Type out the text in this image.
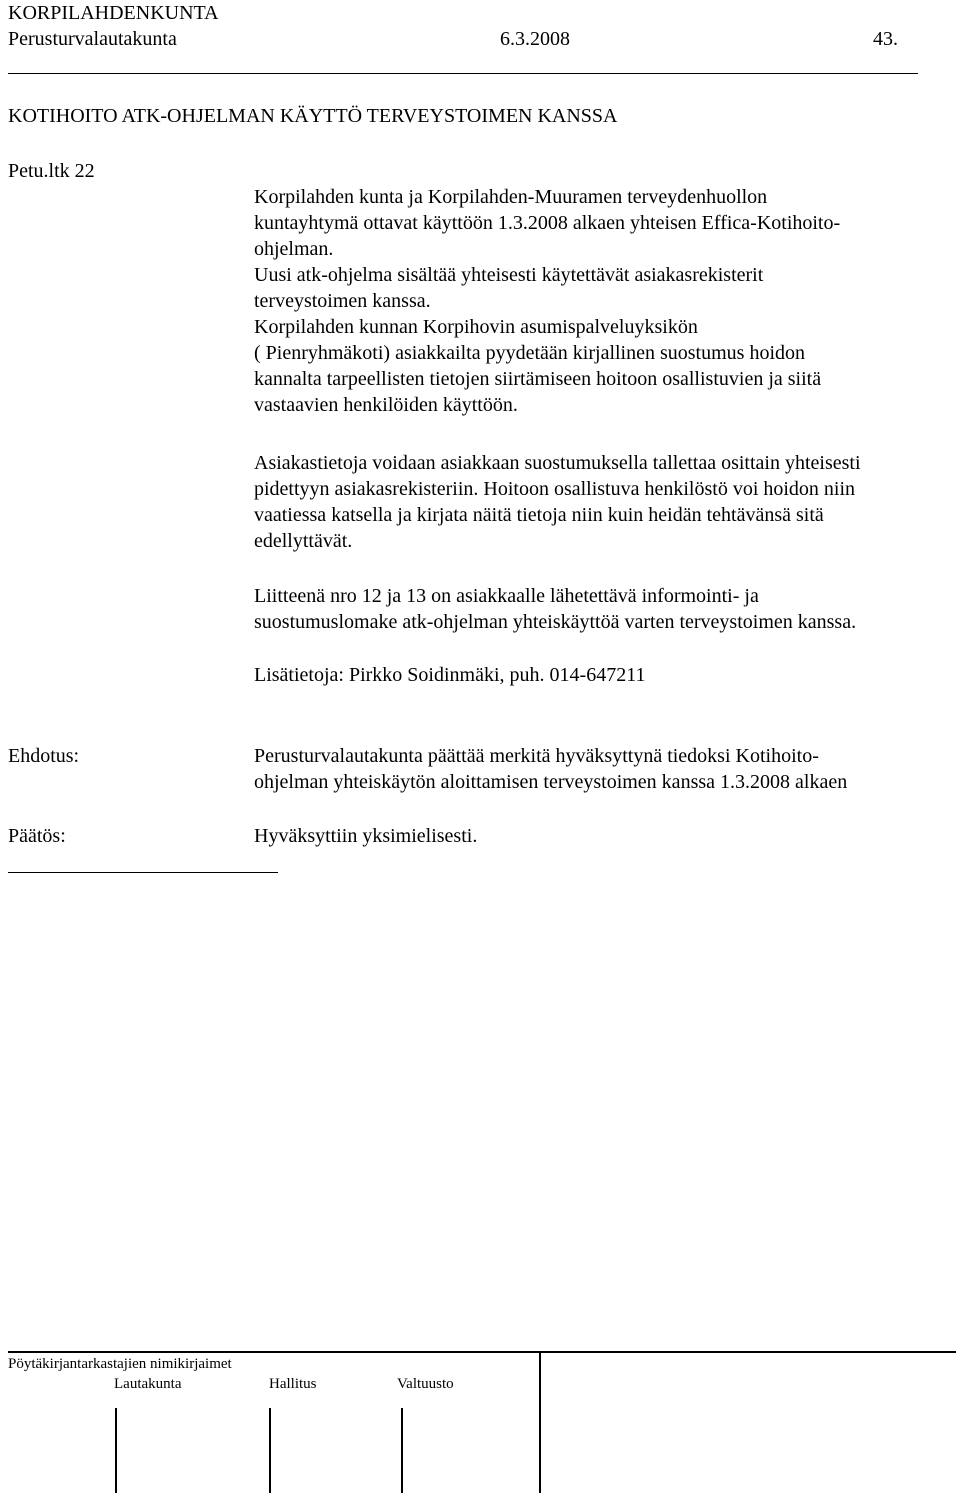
KORPILAHDENKUNTA
Perusturvalautakunta	6.3.2008	43.
KOTIHOITO ATK-OHJELMAN KÄYTTÖ TERVEYSTOIMEN KANSSA
Petu.ltk 22
Korpilahden kunta ja Korpilahden-Muuramen terveydenhuollon
kuntayhtymä ottavat käyttöön 1.3.2008 alkaen yhteisen Effica-Kotihoito-
ohjelman.
Uusi atk-ohjelma sisältää yhteisesti käytettävät asiakasrekisterit
terveystoimen kanssa.
Korpilahden kunnan Korpihovin asumispalveluyksikön
( Pienryhmäkoti) asiakkailta pyydetään kirjallinen suostumus hoidon
kannalta tarpeellisten tietojen siirtämiseen hoitoon osallistuvien ja siitä
vastaavien henkilöiden käyttöön.
Asiakastietoja voidaan asiakkaan suostumuksella tallettaa osittain yhteisesti
pidettyyn asiakasrekisteriin. Hoitoon osallistuva henkilöstö voi hoidon niin
vaatiessa katsella ja kirjata näitä tietoja niin kuin heidän tehtävänsä sitä
edellyttävät.
Liitteenä nro 12 ja 13 on asiakkaalle lähetettävä informointi- ja
suostumuslomake atk-ohjelman yhteiskäyttöä varten terveystoimen kanssa.
Lisätietoja: Pirkko Soidinmäki, puh. 014-647211
Ehdotus:	Perusturvalautakunta päättää merkitä hyväksyttynä tiedoksi Kotihoito-
ohjelman yhteiskäytön aloittamisen terveystoimen kanssa 1.3.2008 alkaen
Päätös:	Hyväksyttiin yksimielisesti.
Pöytäkirjantarkastajien nimikirjaimet
Lautakunta	Hallitus	Valtuusto
